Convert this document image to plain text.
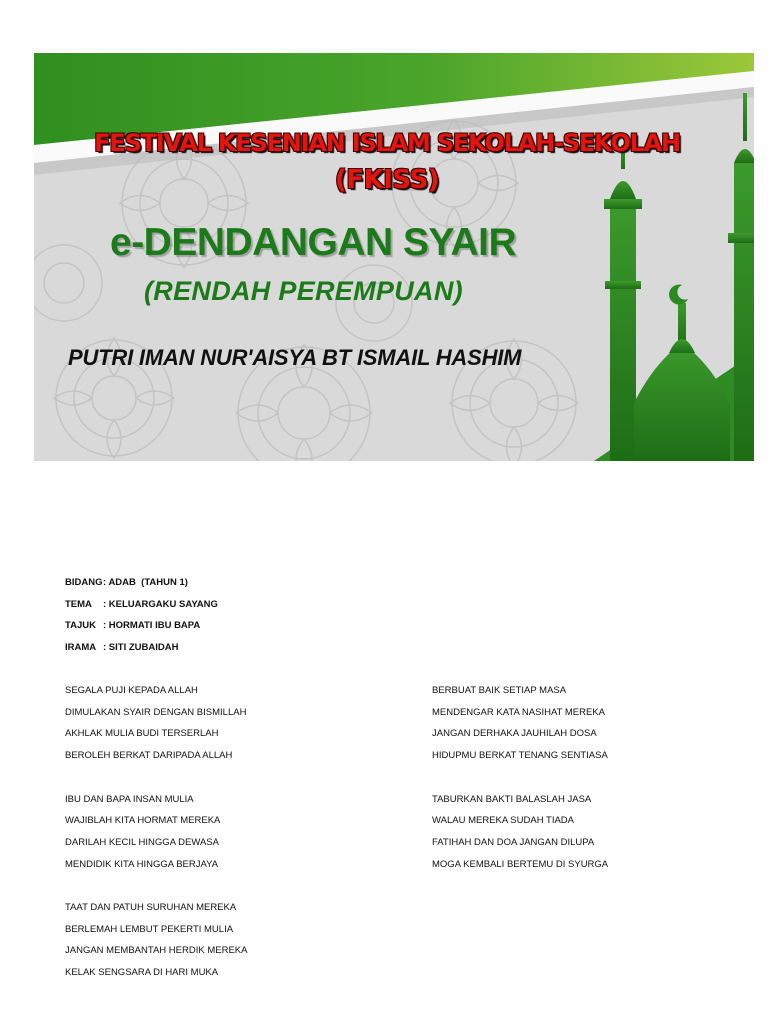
FESTIVAL KESENIAN ISLAM SEKOLAH-SEKOLAH
(FKISS)
e-DENDANGAN SYAIR
(RENDAH PEREMPUAN)
PUTRI IMAN NUR'AISYA BT ISMAIL HASHIM
BIDANG: ADAB  (TAHUN 1)
TEMA : KELUARGAKU SAYANG
TAJUK : HORMATI IBU BAPA
IRAMA : SITI ZUBAIDAH
SEGALA PUJI KEPADA ALLAH
DIMULAKAN SYAIR DENGAN BISMILLAH
AKHLAK MULIA BUDI TERSERLAH
BEROLEH BERKAT DARIPADA ALLAH
IBU DAN BAPA INSAN MULIA
WAJIBLAH KITA HORMAT MEREKA
DARILAH KECIL HINGGA DEWASA
MENDIDIK KITA HINGGA BERJAYA
TAAT DAN PATUH SURUHAN MEREKA
BERLEMAH LEMBUT PEKERTI MULIA
JANGAN MEMBANTAH HERDIK MEREKA
KELAK SENGSARA DI HARI MUKA
BERBUAT BAIK SETIAP MASA
MENDENGAR KATA NASIHAT MEREKA
JANGAN DERHAKA JAUHILAH DOSA
HIDUPMU BERKAT TENANG SENTIASA
TABURKAN BAKTI BALASLAH JASA
WALAU MEREKA SUDAH TIADA
FATIHAH DAN DOA JANGAN DILUPA
MOGA KEMBALI BERTEMU DI SYURGA
